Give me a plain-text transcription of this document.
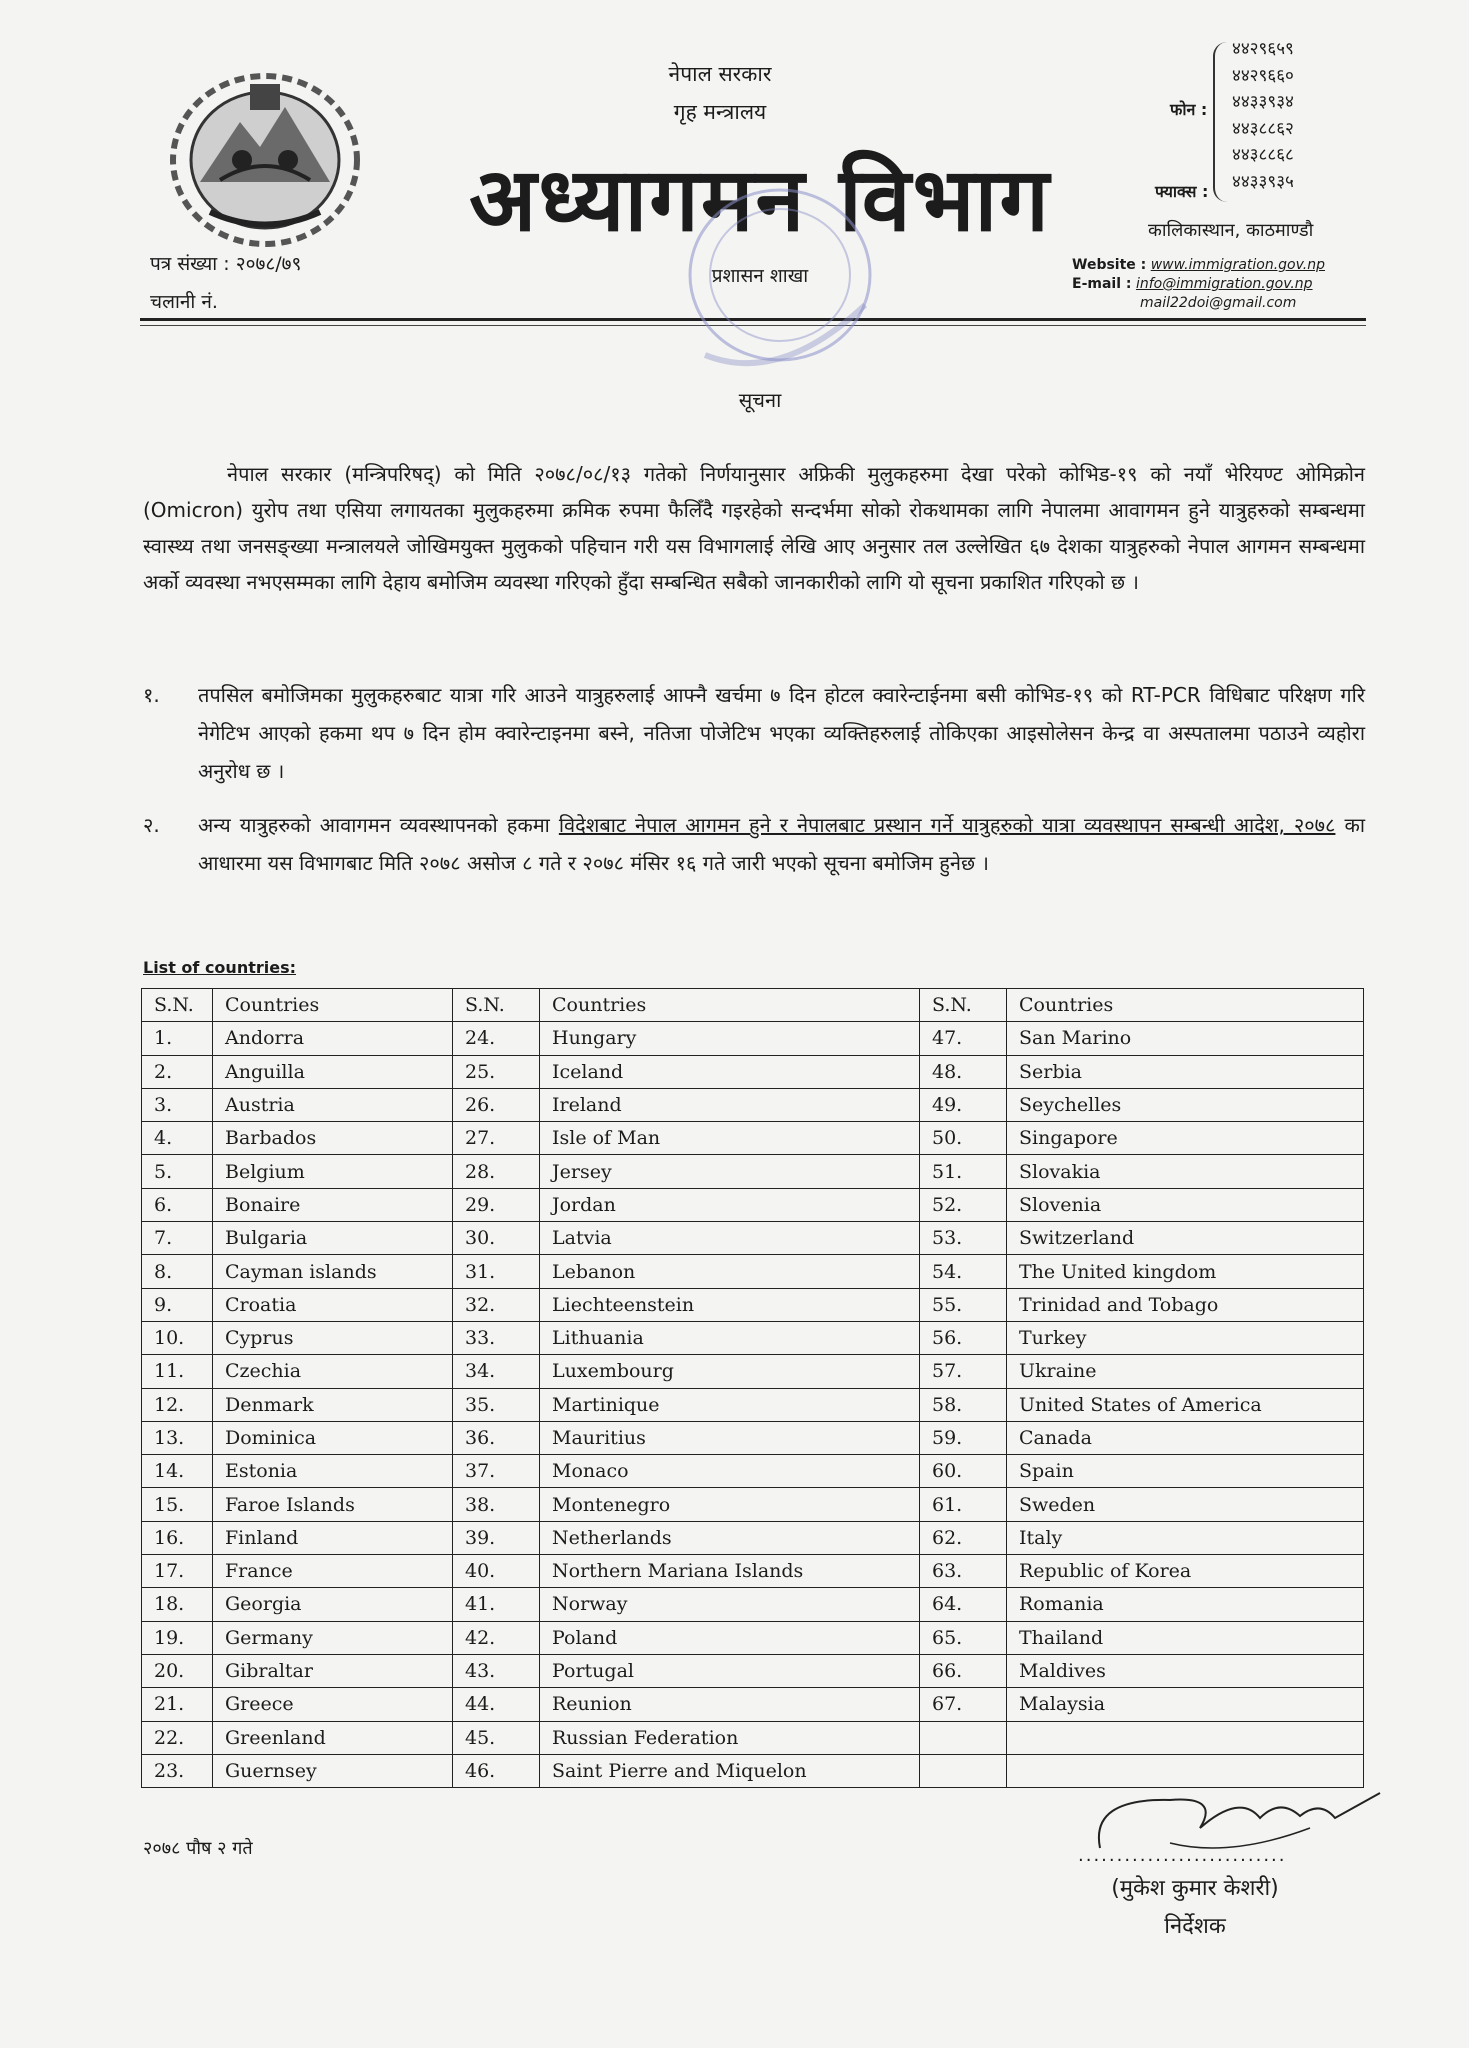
नेपाल सरकार
गृह मन्त्रालय
अध्यागमन विभाग
प्रशासन शाखा
पत्र संख्या : २०७८/७९
चलानी नं.
फोन :
४४२९६५९
४४२९६६०
४४३३९३४
४४३८८६२
४४३८८६८
४४३३९३५
फ्याक्स :
कालिकास्थान, काठमाण्डौ
Website : www.immigration.gov.np
E-mail : info@immigration.gov.np
mail22doi@gmail.com
सूचना
नेपाल सरकार (मन्त्रिपरिषद्) को मिति २०७८/०८/१३ गतेको निर्णयानुसार अफ्रिकी मुलुकहरुमा देखा परेको कोभिड-१९ को नयाँ भेरियण्ट ओमिक्रोन (Omicron) युरोप तथा एसिया लगायतका मुलुकहरुमा क्रमिक रुपमा फैलिँदै गइरहेको सन्दर्भमा सोको रोकथामका लागि नेपालमा आवागमन हुने यात्रुहरुको सम्बन्धमा स्वास्थ्य तथा जनसङ्ख्या मन्त्रालयले जोखिमयुक्त मुलुकको पहिचान गरी यस विभागलाई लेखि आए अनुसार तल उल्लेखित ६७ देशका यात्रुहरुको नेपाल आगमन सम्बन्धमा अर्को व्यवस्था नभएसम्मका लागि देहाय बमोजिम व्यवस्था गरिएको हुँदा सम्बन्धित सबैको जानकारीको लागि यो सूचना प्रकाशित गरिएको छ ।
१.	तपसिल बमोजिमका मुलुकहरुबाट यात्रा गरि आउने यात्रुहरुलाई आफ्नै खर्चमा ७ दिन होटल क्वारेन्टाईनमा बसी कोभिड-१९ को RT-PCR विधिबाट परिक्षण गरि नेगेटिभ आएको हकमा थप ७ दिन होम क्वारेन्टाइनमा बस्ने, नतिजा पोजेटिभ भएका व्यक्तिहरुलाई तोकिएका आइसोलेसन केन्द्र वा अस्पतालमा पठाउने व्यहोरा अनुरोध छ ।
२.	अन्य यात्रुहरुको आवागमन व्यवस्थापनको हकमा विदेशबाट नेपाल आगमन हुने र नेपालबाट प्रस्थान गर्ने यात्रुहरुको यात्रा व्यवस्थापन सम्बन्धी आदेश, २०७८ का आधारमा यस विभागबाट मिति २०७८ असोज ८ गते र २०७८ मंसिर १६ गते जारी भएको सूचना बमोजिम हुनेछ ।
List of countries:
S.N.	Countries	S.N.	Countries	S.N.	Countries
1.	Andorra	24.	Hungary	47.	San Marino
2.	Anguilla	25.	Iceland	48.	Serbia
3.	Austria	26.	Ireland	49.	Seychelles
4.	Barbados	27.	Isle of Man	50.	Singapore
5.	Belgium	28.	Jersey	51.	Slovakia
6.	Bonaire	29.	Jordan	52.	Slovenia
7.	Bulgaria	30.	Latvia	53.	Switzerland
8.	Cayman islands	31.	Lebanon	54.	The United kingdom
9.	Croatia	32.	Liechteenstein	55.	Trinidad and Tobago
10.	Cyprus	33.	Lithuania	56.	Turkey
11.	Czechia	34.	Luxembourg	57.	Ukraine
12.	Denmark	35.	Martinique	58.	United States of America
13.	Dominica	36.	Mauritius	59.	Canada
14.	Estonia	37.	Monaco	60.	Spain
15.	Faroe Islands	38.	Montenegro	61.	Sweden
16.	Finland	39.	Netherlands	62.	Italy
17.	France	40.	Northern Mariana Islands	63.	Republic of Korea
18.	Georgia	41.	Norway	64.	Romania
19.	Germany	42.	Poland	65.	Thailand
20.	Gibraltar	43.	Portugal	66.	Maldives
21.	Greece	44.	Reunion	67.	Malaysia
22.	Greenland	45.	Russian Federation		
23.	Guernsey	46.	Saint Pierre and Miquelon		
२०७८ पौष २ गते	...........................
(मुकेश कुमार केशरी)
निर्देशक
